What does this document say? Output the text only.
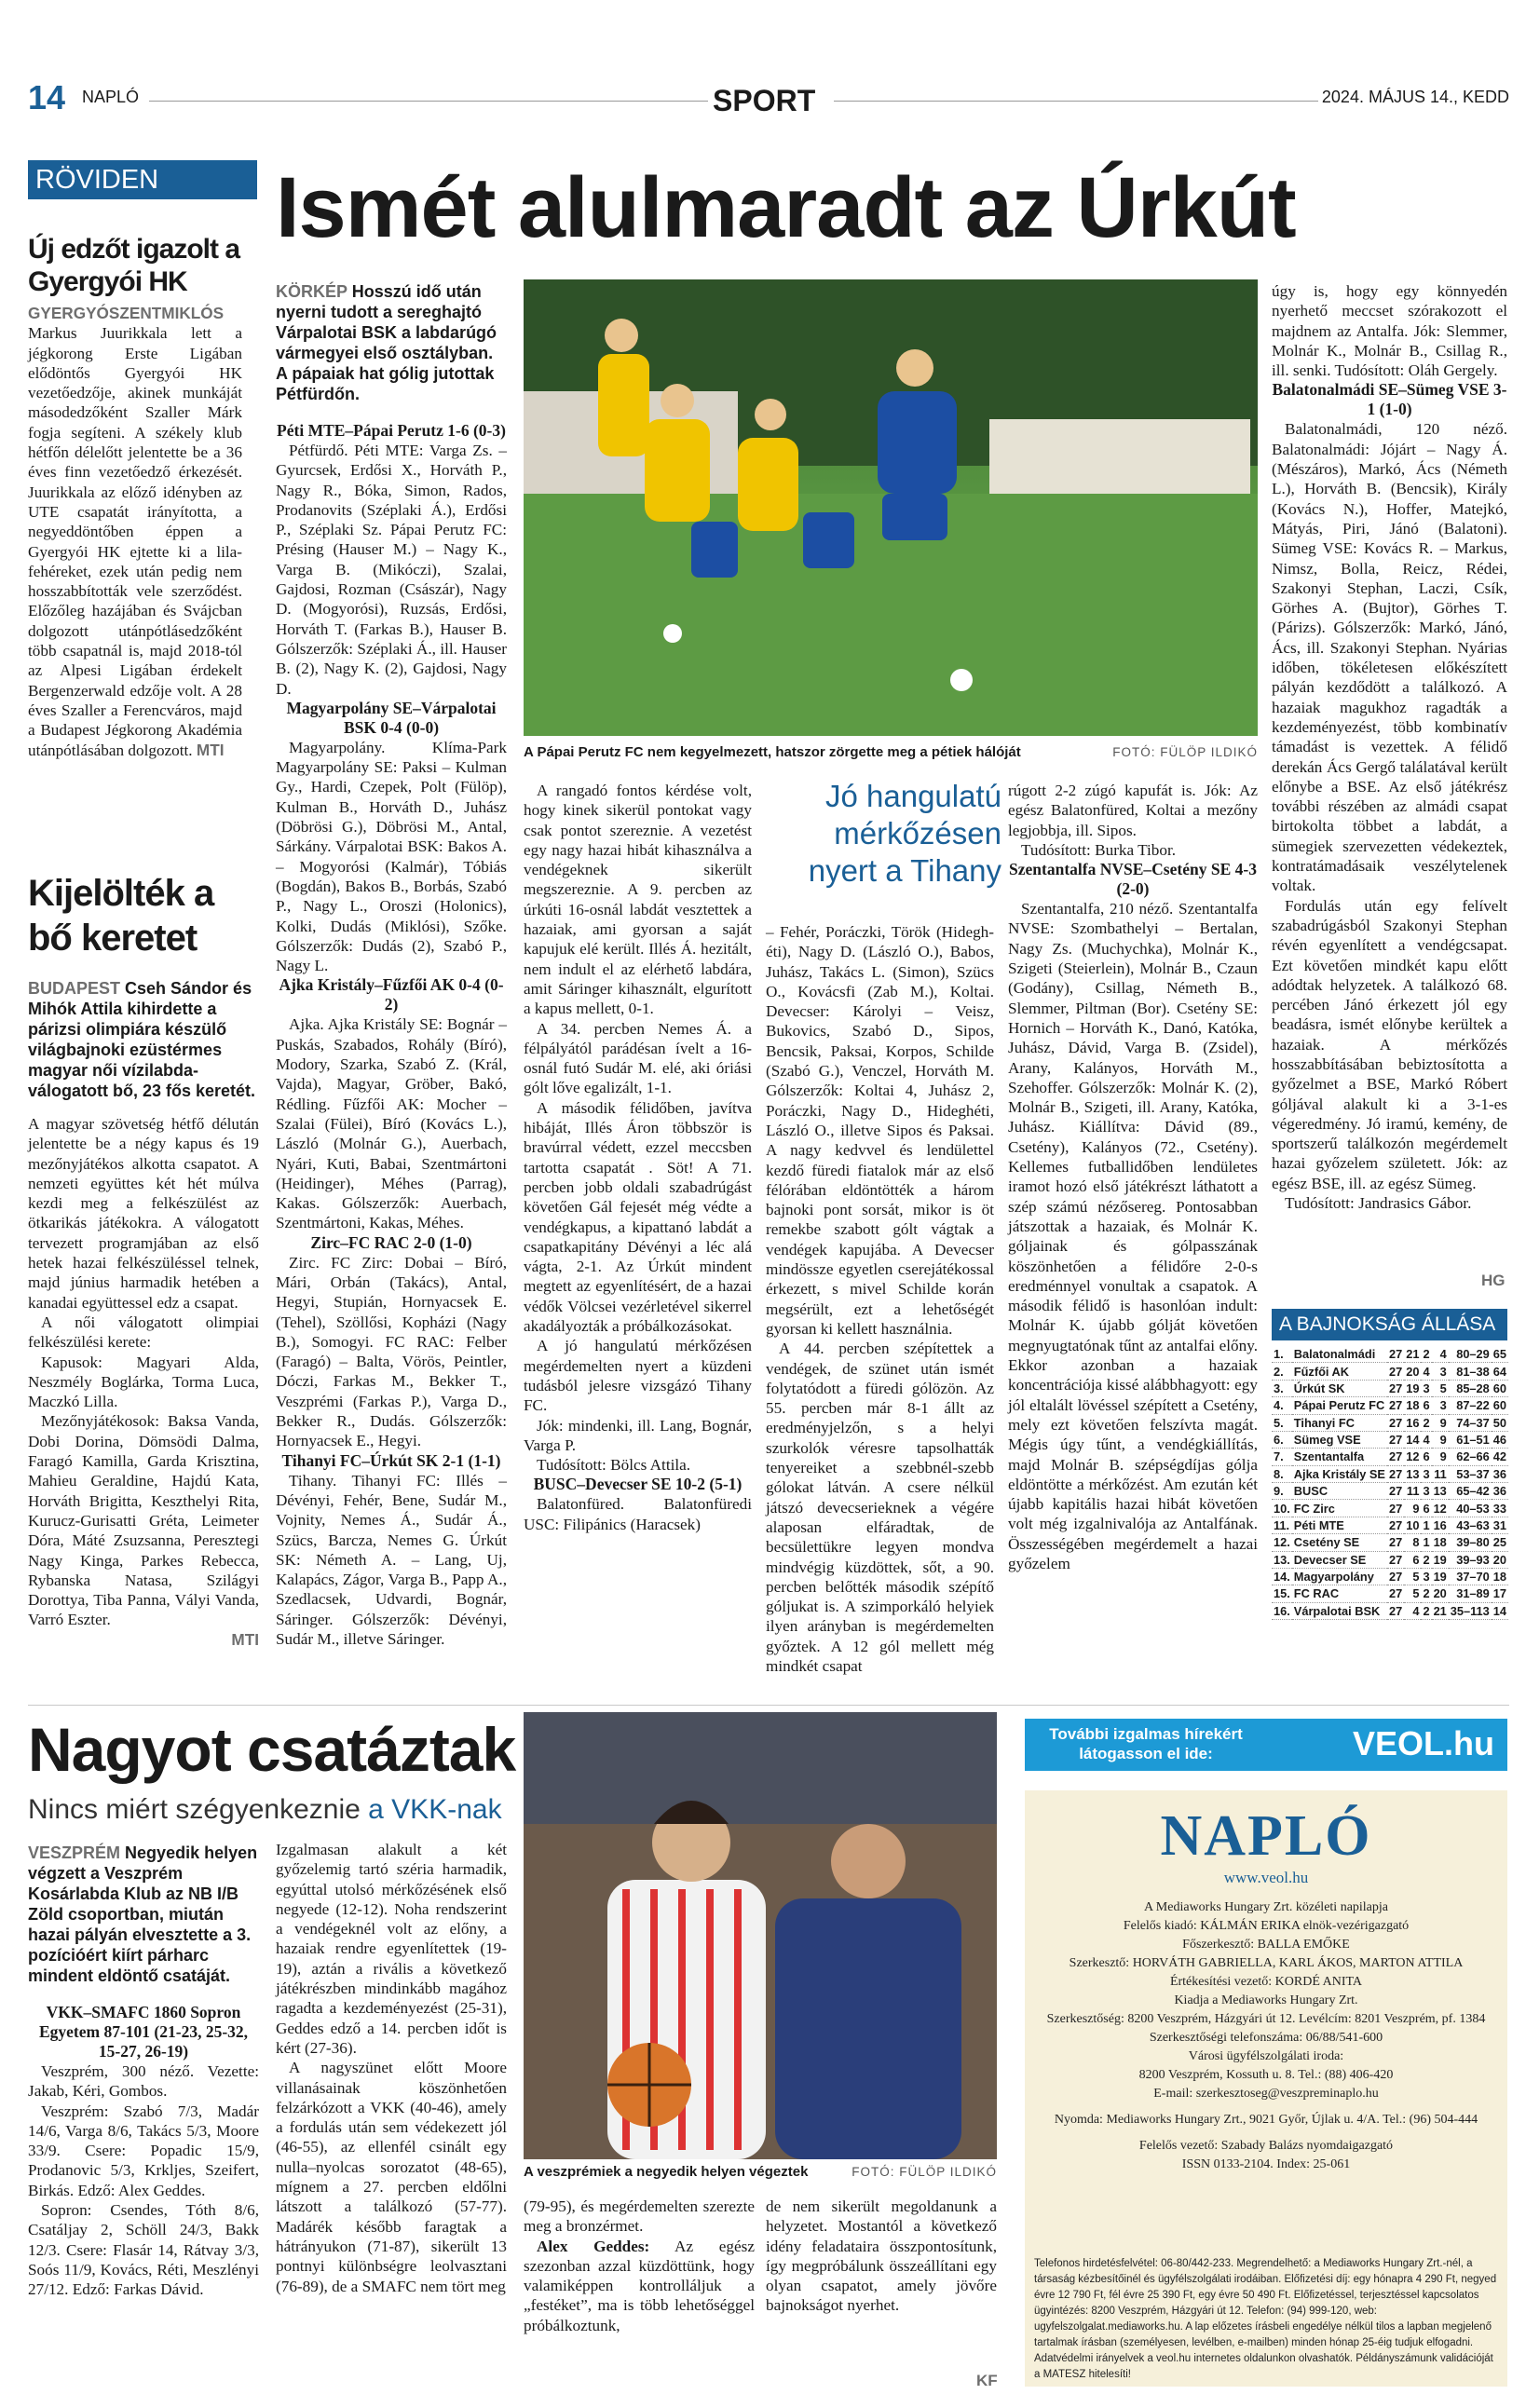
14 NAPLÓ	SPORT	2024. MÁJUS 14., KEDD
RÖVIDEN
Új edzőt igazolt a Gyergyói HK

GYERGYÓSZENTMIKLÓS Markus Juurikkala lett a jégkorong Erste Ligában elődöntős Gyergyói HK vezetőedzője, akinek munkáját másodedzőként Szaller Márk fogja segíteni. A székely klub hétfőn délelőtt jelentette be a 36 éves finn vezetőedző érkezését. Juurikkala az előző idényben az UTE csapatát irányította, a negyeddöntőben éppen a Gyergyói HK ejtette ki a lila-fehéreket, ezek után pedig nem hosszabbították vele szerződést. Előzőleg hazájában és Svájcban dolgozott utánpótlásedzőként több csapatnál is, majd 2018-tól az Alpesi Ligában érdekelt Bergenzerwald edzője volt. A 28 éves Szaller a Ferencváros, majd a Budapest Jégkorong Akadémia utánpótlásában dolgozott. MTI

Kijelölték a bő keretet

BUDAPEST Cseh Sándor és Mihók Attila kihirdette a párizsi olimpiára készülő világbajnoki ezüstérmes magyar női vízilabda-válogatott bő, 23 fős keretét.

A magyar szövetség hétfő délután jelentette be a négy kapus és 19 mezőnyjátékos alkotta csapatot. A nemzeti együttes két hét múlva kezdi meg a felkészülést az ötkarikás játékokra. A válogatott tervezett programjában az első hetek hazai felkészüléssel telnek, majd június harmadik hetében a kanadai együttessel edz a csapat.

A női válogatott olimpiai felkészülési kerete:

Kapusok: Magyari Alda, Neszmély Boglárka, Torma Luca, Maczkó Lilla.

Mezőnyjátékosok: Baksa Vanda, Dobi Dorina, Dömsödi Dalma, Faragó Kamilla, Garda Krisztina, Mahieu Geraldine, Hajdú Kata, Horváth Brigitta, Keszthelyi Rita, Kurucz-Gurisatti Gréta, Leimeter Dóra, Máté Zsuzsanna, Peresztegi Nagy Kinga, Parkes Rebecca, Rybanska Natasa, Szilágyi Dorottya, Tiba Panna, Vályi Vanda, Varró Eszter.

MTI

Ismét alulmaradt az Úrkút

KÖRKÉP Hosszú idő után nyerni tudott a sereghajtó Várpalotai BSK a labdarúgó vármegyei első osztályban. A pápaiak hat gólig jutottak Pétfürdőn.

Péti MTE–Pápai Perutz 1-6 (0-3)

Pétfürdő. Péti MTE: Varga Zs. – Gyurcsek, Erdősi X., Horváth P., Nagy R., Bóka, Simon, Rados, Prodanovits (Széplaki Á.), Erdősi P., Széplaki Sz. Pápai Perutz FC: Présing (Hauser M.) – Nagy K., Varga B. (Mikóczi), Szalai, Gajdosi, Rozman (Császár), Nagy D. (Mogyorósi), Ruzsás, Erdősi, Horváth T. (Farkas B.), Hauser B. Gólszerzők: Széplaki Á., ill. Hauser B. (2), Nagy K. (2), Gajdosi, Nagy D.

Magyarpolány SE–Várpalotai BSK 0-4 (0-0)

Magyarpolány. Klíma-Park Magyarpolány SE: Paksi – Kulman Gy., Hardi, Czepek, Polt (Fülöp), Kulman B., Horváth D., Juhász (Döbrösi G.), Döbrösi M., Antal, Sárkány. Várpalotai BSK: Bakos A. – Mogyorósi (Kalmár), Tóbiás (Bogdán), Bakos B., Borbás, Szabó P., Nagy L., Oroszi (Holonics), Kolki, Dudás (Miklósi), Szőke. Gólszerzők: Dudás (2), Szabó P., Nagy L.

Ajka Kristály–Fűzfői AK 0-4 (0-2)

Ajka. Ajka Kristály SE: Bognár – Puskás, Szabados, Rohály (Bíró), Modory, Szarka, Szabó Z. (Král, Vajda), Magyar, Gröber, Bakó, Rédling. Fűzfői AK: Mocher – Szalai (Fülei), Bíró (Kovács L.), László (Molnár G.), Auerbach, Nyári, Kuti, Babai, Szentmártoni (Heidinger), Méhes (Parrag), Kakas. Gólszerzők: Auerbach, Szentmártoni, Kakas, Méhes.

Zirc–FC RAC 2-0 (1-0)

Zirc. FC Zirc: Dobai – Bíró, Mári, Orbán (Takács), Antal, Hegyi, Stupián, Hornyacsek E. (Tehel), Szöllősi, Kopházi (Nagy B.), Somogyi. FC RAC: Felber (Faragó) – Balta, Vörös, Peintler, Dóczi, Farkas M., Bekker T., Veszprémi (Farkas P.), Varga D., Bekker R., Dudás. Gólszerzők: Hornyacsek E., Hegyi.

Tihanyi FC–Úrkút SK 2-1 (1-1)

Tihany. Tihanyi FC: Illés – Dévényi, Fehér, Bene, Sudár M., Vojnity, Nemes Á., Sudár Á., Szücs, Barcza, Nemes G. Úrkút SK: Németh A. – Lang, Uj, Kalapács, Zágor, Varga B., Papp A., Szedlacsek, Udvardi, Bognár, Sáringer. Gólszerzők: Dévényi, Sudár M., illetve Sáringer.

A Pápai Perutz FC nem kegyelmezett, hatszor zörgette meg a pétiek hálóját	FOTÓ: FÜLÖP ILDIKÓ

A rangadó fontos kérdése volt, hogy kinek sikerül pontokat vagy csak pontot szereznie. A vezetést egy nagy hazai hibát kihasználva a vendégeknek sikerült megszerezniе. A 9. percben az úrkúti 16-osnál labdát vesztettek a hazaiak, ami gyorsan a saját kapujuk elé került. Illés Á. hezitált, nem indult el az elérhető labdára, amit Sáringer kihasznált, elgurított a kapus mellett, 0-1.

A 34. percben Nemes Á. a félpályától parádésan ívelt a 16-osnál futó Sudár M. elé, aki óriási gólt lőve egalizált, 1-1.

A második félidőben, javítva hibáját, Illés Áron többször is bravúrral védett, ezzel meccsben tartotta csapatát . Söt! A 71. percben jobb oldali szabadrúgást követően Gál fejesét még védte a vendégkapus, a kipattanó labdát a csapatkapitány Dévényi a léc alá vágta, 2-1. Az Úrkút mindent megtett az egyenlítésért, de a hazai védők Völcsei vezérletével sikerrel akadályozták a próbálkozásokat.

A jó hangulatú mérkőzésen megérdemelten nyert a küzdeni tudásból jelesre vizsgázó Tihany FC.

Jók: mindenki, ill. Lang, Bognár, Varga P.

Tudósított: Bölcs Attila.

BUSC–Devecser SE 10-2 (5-1)

Balatonfüred. Balatonfüredi USC: Filipánics (Haracsek)

Jó hangulatú mérkőzésen nyert a Tihany

– Fehér, Poráczki, Török (Hideghéti), Nagy D. (László O.), Babos, Juhász, Takács L. (Simon), Szücs O., Kovácsfi (Zab M.), Koltai. Devecser: Károlyi – Veisz, Bukovics, Szabó D., Sipos, Bencsik, Paksai, Korpos, Schilde (Szabó G.), Venczel, Horváth M. Gólszerzők: Koltai 4, Juhász 2, Poráczki, Nagy D., Hideghéti, László O., illetve Sipos és Paksai. A nagy kedvvel és lendülettel kezdő füredi fiatalok már az első félórában eldöntötték a három bajnoki pont sorsát, mikor is öt remekbe szabott gólt vágtak a vendégek kapujába. A Devecser mindössze egyetlen cserejátékossal érkezett, s mivel Schilde korán megsérült, ezt a lehetőségét gyorsan ki kellett használnia.

A 44. percben szépítettek a vendégek, de szünet után ismét folytatódott a füredi gólözön. Az 55. percben már 8-1 állt az eredményjelzőn, s a helyi szurkolók véresre tapsolhatták tenyereiket a szebbnél-szebb gólokat látván. A csere nélkül játszó devecserieknek a végére alaposan elfáradtak, de becsülettükre legyen mondva mindvégig küzdöttek, sőt, a 90. percben belőtték második szépítő góljukat is. A szimporkáló helyiek ilyen arányban is megérdemelten győztek. A 12 gól mellett még mindkét csapat

rúgott 2-2 zúgó kapufát is. Jók: Az egész Balatonfüred, Koltai a mezőny legjobbja, ill. Sipos.

Tudósított: Burka Tibor.

Szentantalfa NVSE–Csetény SE 4-3 (2-0)

Szentantalfa, 210 néző. Szentantalfa NVSE: Szombathelyi – Bertalan, Nagy Zs. (Muchychka), Molnár K., Szigeti (Steierlein), Molnár B., Czaun (Godány), Csillag, Németh B., Slemmer, Piltman (Bor). Csetény SE: Hornich – Horváth K., Danó, Katóka, Juhász, Dávid, Varga B. (Zsidel), Arany, Kalányos, Horváth M., Szehoffer. Gólszerzők: Molnár K. (2), Molnár B., Szigeti, ill. Arany, Katóka, Juhász. Kiállítva: Dávid (89., Csetény), Kalányos (72., Csetény). Kellemes futballidőben lendületes iramot hozó első játékrészt láthatott a szép számú nézősereg. Pontosabban játszottak a hazaiak, és Molnár K. góljainak és gólpasszának köszönhetően a félidőre 2-0-s eredménnyel vonultak a csapatok. A második félidő is hasonlóan indult: Molnár K. újabb gólját követően megnyugtatónak tűnt az antalfai előny. Ekkor azonban a hazaiak koncentrációja kissé alábbhagyott: egy jól eltalált lövéssel szépített a Csetény, mely ezt követően felszívta magát. Mégis úgy tűnt, a vendégkiállítás, majd Molnár B. szépségdíjas gólja eldöntötte a mérkőzést. Am ezután két újabb kapitális hazai hibát követően volt még izgalnivalója az Antalfának. Összességében megérdemelt a hazai győzelem

úgy is, hogy egy könnyedén nyerhető meccset szórakozott el majdnem az Antalfa. Jók: Slemmer, Molnár K., Molnár B., Csillag R., ill. senki. Tudósított: Oláh Gergely.

Balatonalmádi SE–Sümeg VSE 3-1 (1-0)

Balatonalmádi, 120 néző. Balatonalmádi: Jójárt – Nagy Á. (Mészáros), Markó, Ács (Németh L.), Horváth B. (Bencsik), Király (Kovács N.), Hoffer, Matejkó, Mátyás, Piri, Jánó (Balatoni). Sümeg VSE: Kovács R. – Markus, Nimsz, Bolla, Reicz, Rédei, Szakonyi Stephan, Laczi, Csík, Görhes A. (Bujtor), Görhes T. (Párizs). Gólszerzők: Markó, Jánó, Ács, ill. Szakonyi Stephan. Nyárias időben, tökéletesen előkészített pályán kezdődött a találkozó. A hazaiak magukhoz ragadták a kezdeményezést, több kombinatív támadást is vezettek. A félidő derekán Ács Gergő találatával került előnybe a BSE. Az első játékrész további részében az almádi csapat birtokolta többet a labdát, a sümegiek szervezetten védekeztek, kontratámadásaik veszélytelenek voltak.

Fordulás után egy felívelt szabadrúgásból Szakonyi Stephan révén egyenlített a vendégcsapat. Ezt követően mindkét kapu előtt adódtak helyzetek. A találkozó 68. percében Jánó érkezett jól egy beadásra, ismét előnybe kerültek a hazaiak. A mérkőzés hosszabbításában bebiztosította a győzelmet a BSE, Markó Róbert góljával alakult ki a 3-1-es végeredmény. Jó iramú, kemény, de sportszerű találkozón megérdemelt hazai győzelem született. Jók: az egész BSE, ill. az egész Sümeg.

Tudósított: Jandrasics Gábor.

HG
A BAJNOKSÁG ÁLLÁSA
1.	Balatonalmádi	27	21	2	4	80–29	65
2.	Fűzfői AK	27	20	4	3	81–38	64
3.	Úrkút SK	27	19	3	5	85–28	60
4.	Pápai Perutz FC	27	18	6	3	87–22	60
5.	Tihanyi FC	27	16	2	9	74–37	50
6.	Sümeg VSE	27	14	4	9	61–51	46
7.	Szentantalfa	27	12	6	9	62–66	42
8.	Ajka Kristály SE	27	13	3	11	53–37	36
9.	BUSC	27	11	3	13	65–42	36
10.	FC Zirc	27	9	6	12	40–53	33
11.	Péti MTE	27	10	1	16	43–63	31
12.	Csetény SE	27	8	1	18	39–80	25
13.	Devecser SE	27	6	2	19	39–93	20
14.	Magyarpolány	27	5	3	19	37–70	18
15.	FC RAC	27	5	2	20	31–89	17
16.	Várpalotai BSK	27	4	2	21	35–113	14
Nagyot csatáztak
Nincs miért szégyenkeznie a VKK-nak

VESZPRÉM Negyedik helyen végzett a Veszprém Kosárlabda Klub az NB I/B Zöld csoportban, miután hazai pályán elvesztette a 3. pozícióért kiírt párharc mindent eldöntő csatáját.

VKK–SMAFC 1860 Sopron Egyetem 87-101 (21-23, 25-32, 15-27, 26-19)

Veszprém, 300 néző. Vezette: Jakab, Kéri, Gombos.

Veszprém: Szabó 7/3, Madár 14/6, Varga 8/6, Takács 5/3, Moore 33/9. Csere: Popadic 15/9, Prodanovic 5/3, Krkljes, Szeifert, Birkás. Edző: Alex Geddes.

Sopron: Csendes, Tóth 8/6, Csatáljay 2, Schöll 24/3, Bakk 12/3. Csere: Flasár 14, Rátvay 3/3, Soós 11/9, Kovács, Réti, Meszlényi 27/12. Edző: Farkas Dávid.

Izgalmasan alakult a két győzelemig tartó széria harmadik, egyúttal utolsó mérkőzésének első negyede (12-12). Noha rendszerint a vendégeknél volt az előny, a hazaiak rendre egyenlítettek (19-19), aztán a rivális a következő játékrészben mindinkább magához ragadta a kezdeményezést (25-31), Geddes edző a 14. percben időt is kért (27-36).

A nagyszünet előtt Moore villanásainak köszönhetően felzárkózott a VKK (40-46), amely a fordulás után sem védekezett jól (46-55), az ellenfél csinált egy nulla–nyolcas sorozatot (48-65), mígnem a 27. percben eldőlni látszott a találkozó (57-77). Madárék később faragtak a hátrányukon (71-87), sikerült 13 pontnyi különbségre leolvasztani (76-89), de a SMAFC nem tört meg

A veszprémiek a negyedik helyen végeztek	FOTÓ: FÜLÖP ILDIKÓ

(79-95), és megérdemelten szerezte meg a bronzérmet.

Alex Geddes: Az egész szezonban azzal küzdöttünk, hogy valamiképpen kontrolláljuk a „festéket”, ma is több lehetőséggel próbálkoztunk,

de nem sikerült megoldanunk a helyzetet. Mostantól a következő idény feladataira összpontosítunk, így megpróbálunk összeállítani egy olyan csapatot, amely jövőre bajnokságot nyerhet.

KF
További izgalmas hírekért látogasson el ide:	VEOL.hu
NAPLÓ
www.veol.hu
A Mediaworks Hungary Zrt. közéleti napilapja
Felelős kiadó: KÁLMÁN ERIKA elnök-vezérigazgató
Főszerkesztő: BALLA EMŐKE
Szerkesztő: HORVÁTH GABRIELLA, KARL ÁKOS, MARTON ATTILA
Értékesítési vezető: KORDÉ ANITA
Kiadja a Mediaworks Hungary Zrt.
Szerkesztőség: 8200 Veszprém, Házgyári út 12. Levélcím: 8201 Veszprém, pf. 1384
Szerkesztőségi telefonszáma: 06/88/541-600
Városi ügyfélszolgálati iroda:
8200 Veszprém, Kossuth u. 8. Tel.: (88) 406-420
E-mail: szerkesztoseg@veszpreminaplo.hu
Nyomda: Mediaworks Hungary Zrt., 9021 Győr, Újlak u. 4/A. Tel.: (96) 504-444
Felelős vezető: Szabady Balázs nyomdaigazgató
ISSN 0133-2104. Index: 25-061
Telefonos hirdetésfelvétel: 06-80/442-233. Megrendelhető: a Mediaworks Hungary Zrt.-nél, a társaság kézbesítőinél és ügyfélszolgálati irodáiban. Előfizetési díj: egy hónapra 4 290 Ft, negyed évre 12 790 Ft, fél évre 25 390 Ft, egy évre 50 490 Ft. Előfizetéssel, terjesztéssel kapcsolatos ügyintézés: 8200 Veszprém, Házgyári út 12. Telefon: (94) 999-120, web: ugyfelszolgalat.mediaworks.hu. A lap előzetes írásbeli engedélye nélkül tilos a lapban megjelenő tartalmak írásban (személyesen, levélben, e-mailben) minden hónap 25-éig tudjuk elfogadni. Adatvédelmi irányelvek a veol.hu internetes oldalunkon olvashatók. Példányszámunk validációját a MATESZ hitelesíti!
